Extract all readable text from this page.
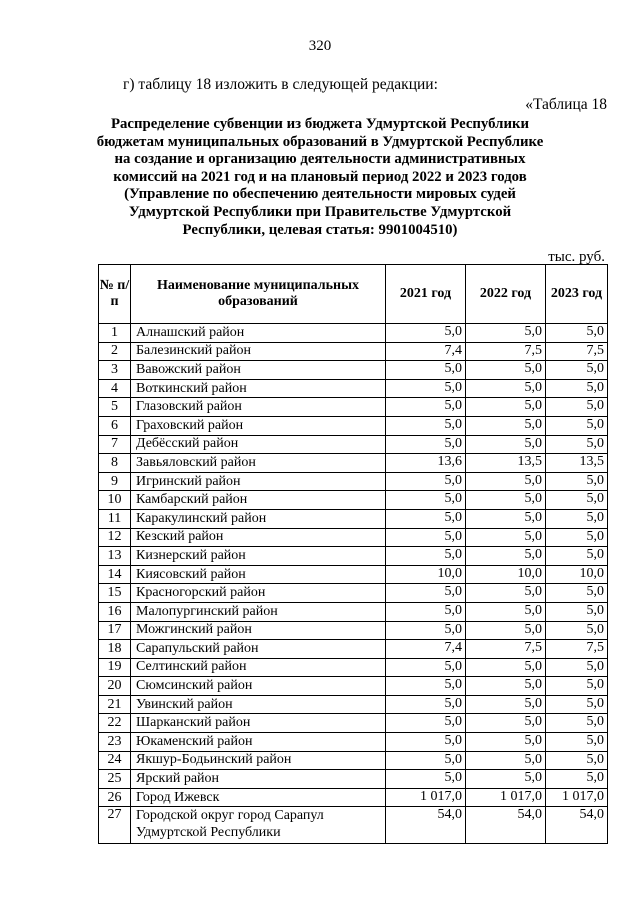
320
г) таблицу 18 изложить в следующей редакции:
«Таблица 18
Распределение субвенции из бюджета Удмуртской Республики
бюджетам муниципальных образований в Удмуртской Республике
на создание и организацию деятельности административных
комиссий на 2021 год и на плановый период 2022 и 2023 годов
(Управление по обеспечению деятельности мировых судей
Удмуртской Республики при Правительстве Удмуртской
Республики, целевая статья: 9901004510)
тыс. руб.
№ п/п	Наименование муниципальных образований	2021 год	2022 год	2023 год
1	Алнашский район	5,0	5,0	5,0
2	Балезинский район	7,4	7,5	7,5
3	Вавожский район	5,0	5,0	5,0
4	Воткинский район	5,0	5,0	5,0
5	Глазовский район	5,0	5,0	5,0
6	Граховский район	5,0	5,0	5,0
7	Дебёсский район	5,0	5,0	5,0
8	Завьяловский район	13,6	13,5	13,5
9	Игринский район	5,0	5,0	5,0
10	Камбарский район	5,0	5,0	5,0
11	Каракулинский район	5,0	5,0	5,0
12	Кезский район	5,0	5,0	5,0
13	Кизнерский район	5,0	5,0	5,0
14	Киясовский район	10,0	10,0	10,0
15	Красногорский район	5,0	5,0	5,0
16	Малопургинский район	5,0	5,0	5,0
17	Можгинский район	5,0	5,0	5,0
18	Сарапульский район	7,4	7,5	7,5
19	Селтинский район	5,0	5,0	5,0
20	Сюмсинский район	5,0	5,0	5,0
21	Увинский район	5,0	5,0	5,0
22	Шарканский район	5,0	5,0	5,0
23	Юкаменский район	5,0	5,0	5,0
24	Якшур-Бодьинский район	5,0	5,0	5,0
25	Ярский район	5,0	5,0	5,0
26	Город Ижевск	1 017,0	1 017,0	1 017,0
27	Городской округ город Сарапул Удмуртской Республики	54,0	54,0	54,0
